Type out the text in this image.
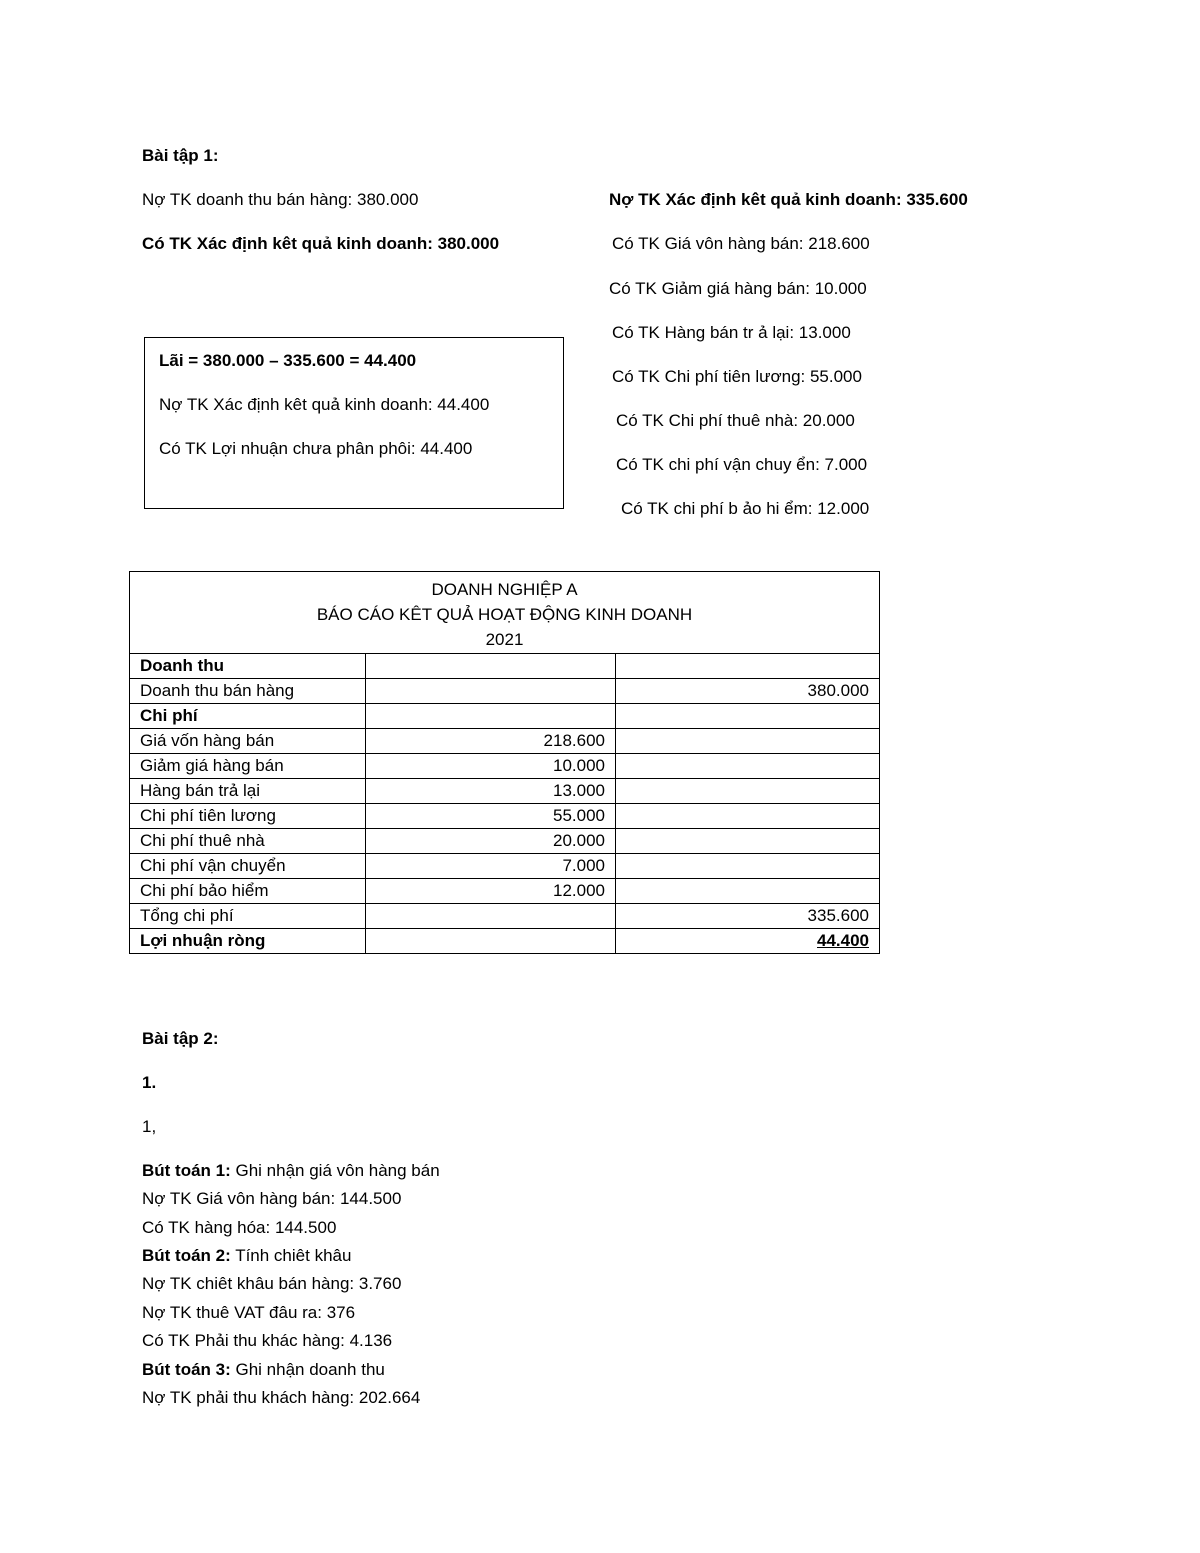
Bài tập 1:
Nợ TK doanh thu bán hàng: 380.000
Có TK Xác định kêt quả kinh doanh: 380.000
Nợ TK Xác định kêt quả kinh doanh: 335.600
Có TK Giá vôn hàng bán: 218.600
Có TK Giảm giá hàng bán: 10.000
Có TK Hàng bán tr ả lại: 13.000
Có TK Chi phí tiên lương: 55.000
Có TK Chi phí thuê nhà: 20.000
Có TK chi phí vận chuy ển: 7.000
Có TK chi phí b ảo hi ểm: 12.000
Lãi = 380.000 – 335.600 = 44.400
Nợ TK Xác định kêt quả kinh doanh: 44.400
Có TK Lợi nhuận chưa phân phôi: 44.400
DOANH NGHIỆP A
BÁO CÁO KÊT QUẢ HOẠT ĐỘNG KINH DOANH
2021		

Doanh thu		
Doanh thu bán hàng		380.000
Chi phí		
Giá vốn hàng bán	218.600	
Giảm giá hàng bán	10.000	
Hàng bán trả lại	13.000	
Chi phí tiên lương	55.000	
Chi phí thuê nhà	20.000	
Chi phí vận chuyển	7.000	
Chi phí bảo hiểm	12.000	
Tổng chi phí		335.600
Lợi nhuận ròng		44.400
Bài tập 2:
1.
1,
Bút toán 1: Ghi nhận giá vôn hàng bán
Nợ TK Giá vôn hàng bán: 144.500
Có TK hàng hóa: 144.500
Bút toán 2: Tính chiêt khâu
Nợ TK chiêt khâu bán hàng: 3.760
Nợ TK thuê VAT đâu ra: 376
Có TK Phải thu khác hàng: 4.136
Bút toán 3: Ghi nhận doanh thu
Nợ TK phải thu khách hàng: 202.664
